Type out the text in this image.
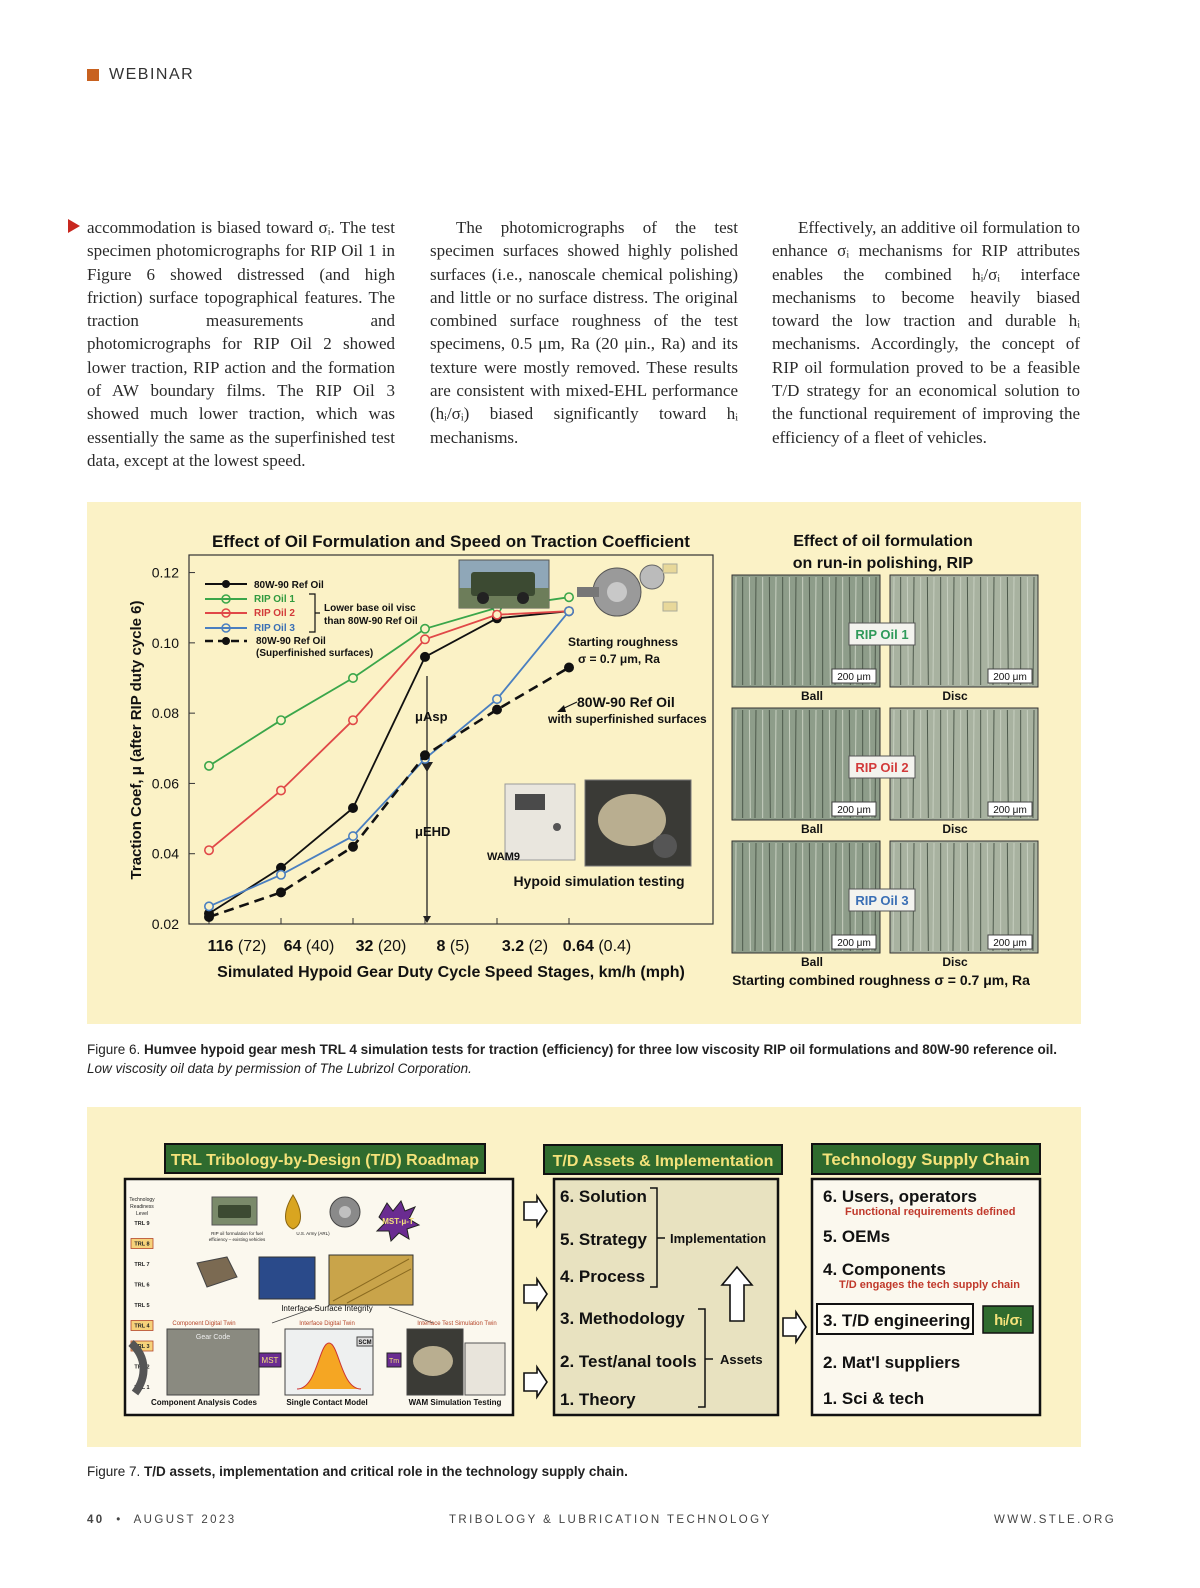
WEBINAR

accommodation is biased toward σᵢ. The test specimen photomicrographs for RIP Oil 1 in Figure 6 showed distressed (and high friction) surface topographical features. The traction measurements and photomicrographs for RIP Oil 2 showed lower traction, RIP action and the formation of AW boundary films. The RIP Oil 3 showed much lower traction, which was essentially the same as the superfinished test data, except at the lowest speed.

The photomicrographs of the test specimen surfaces showed highly polished surfaces (i.e., nanoscale chemical polishing) and little or no surface distress. The original combined surface roughness of the test specimens, 0.5 μm, Ra (20 μin., Ra) and its texture were mostly removed. These results are consistent with mixed-EHL performance (hᵢ/σᵢ) biased significantly toward hᵢ mechanisms.

Effectively, an additive oil formulation to enhance σᵢ mechanisms for RIP attributes enables the combined hᵢ/σᵢ interface mechanisms to become heavily biased toward the low traction and durable hᵢ mechanisms. Accordingly, the concept of RIP oil formulation proved to be a feasible T/D strategy for an economical solution to the functional requirement of improving the efficiency of a fleet of vehicles.

Effect of Oil Formulation and Speed on Traction Coefficient
0.02
0.04
0.06
0.08
0.10
0.12
116 (72) 64 (40) 32 (20) 8 (5) 3.2 (2) 0.64 (0.4)
Traction Coef, μ (after RIP duty cycle 6)
Simulated Hypoid Gear Duty Cycle Speed Stages, km/h (mph)
μAsp
μEHD
80W-90 Ref Oil
RIP Oil 1
RIP Oil 2
RIP Oil 3
80W-90 Ref Oil
(Superfinished surfaces)
Lower base oil visc
than 80W-90 Ref Oil
Starting roughness
σ = 0.7 μm, Ra
80W-90 Ref Oil
with superfinished surfaces
WAM9
Hypoid simulation testing
Effect of oil formulation
on run-in polishing, RIP
200 μm	200 μm
RIP Oil 1
Ball	Disc
200 μm	200 μm
RIP Oil 2
Ball	Disc
200 μm	200 μm
RIP Oil 3
Ball	Disc
Starting combined roughness σ = 0.7 μm, Ra
Figure 6. Humvee hypoid gear mesh TRL 4 simulation tests for traction (efficiency) for three low viscosity RIP oil formulations and 80W-90 reference oil.
Low viscosity oil data by permission of The Lubrizol Corporation.
TRL Tribology-by-Design (T/D) Roadmap
Technology
Readiness
Level
TRL 9
TRL 8
TRL 7
TRL 6
TRL 5
TRL 4
TRL 3
TRL 2
TRL 1
RIP oil formulation for fuel
efficiency – existing vehicles
U.S. Army (ARL)
MST-μ-T
Interface Surface Integrity
Component Digital Twin	Interface Digital Twin	Interface Test Simulation Twin
Gear Code
MST
SCM
Tm
Component Analysis Codes	Single Contact Model	WAM Simulation Testing
T/D Assets & Implementation
6. Solution
5. Strategy
4. Process
3. Methodology
2. Test/anal tools
1. Theory
Implementation
Assets
Technology Supply Chain
6. Users, operators
Functional requirements defined
5. OEMs
4. Components
T/D engages the tech supply chain
3. T/D engineering hᵢ/σᵢ
2. Mat'l suppliers
1. Sci & tech
Figure 7. T/D assets, implementation and critical role in the technology supply chain.
40 • AUGUST 2023	TRIBOLOGY & LUBRICATION TECHNOLOGY	WWW.STLE.ORG
